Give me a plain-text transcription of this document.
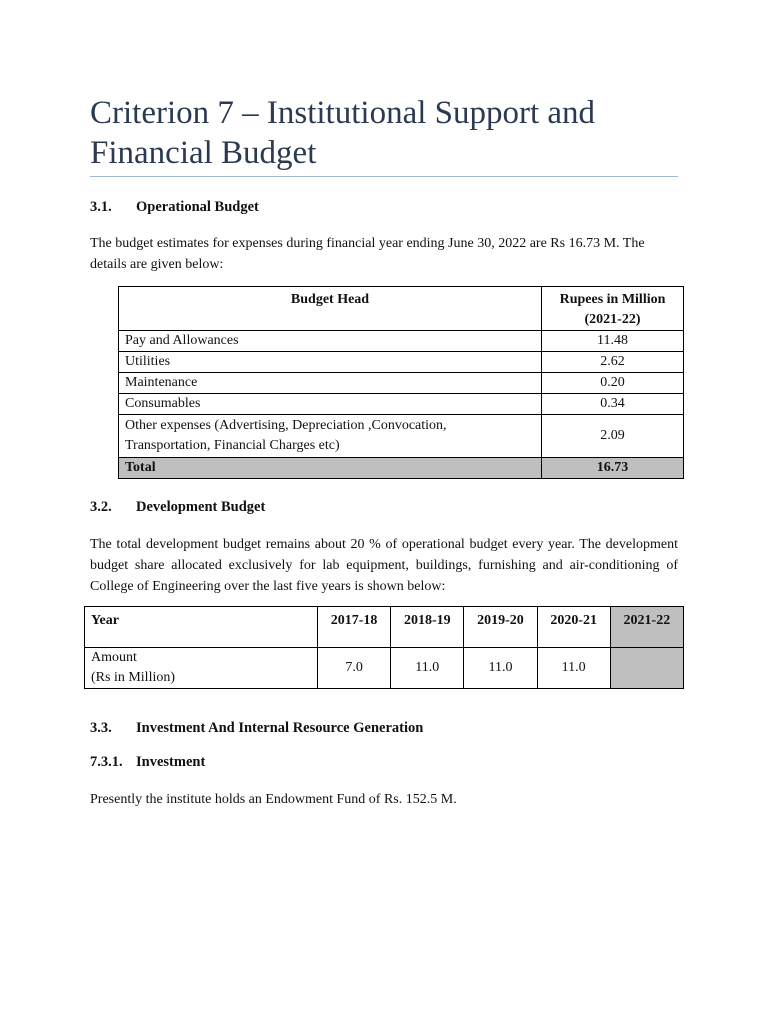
Criterion 7 – Institutional Support and Financial Budget
3.1. Operational Budget
The budget estimates for expenses during financial year ending June 30, 2022 are Rs 16.73 M. The details are given below:
Budget Head	Rupees in Million
(2021-22)
Pay and Allowances	11.48
Utilities	2.62
Maintenance	0.20
Consumables	0.34
Other expenses (Advertising, Depreciation ,Convocation,
Transportation, Financial Charges etc)	2.09
Total	16.73
3.2. Development Budget
The total development budget remains about 20 % of operational budget every year. The development budget share allocated exclusively for lab equipment, buildings, furnishing and air-conditioning of College of Engineering over the last five years is shown below:
Year	2017-18	2018-19	2019-20	2020-21	2021-22
Amount
(Rs in Million)	7.0	11.0	11.0	11.0	
3.3. Investment And Internal Resource Generation
7.3.1. Investment
Presently the institute holds an Endowment Fund of Rs. 152.5 M.
